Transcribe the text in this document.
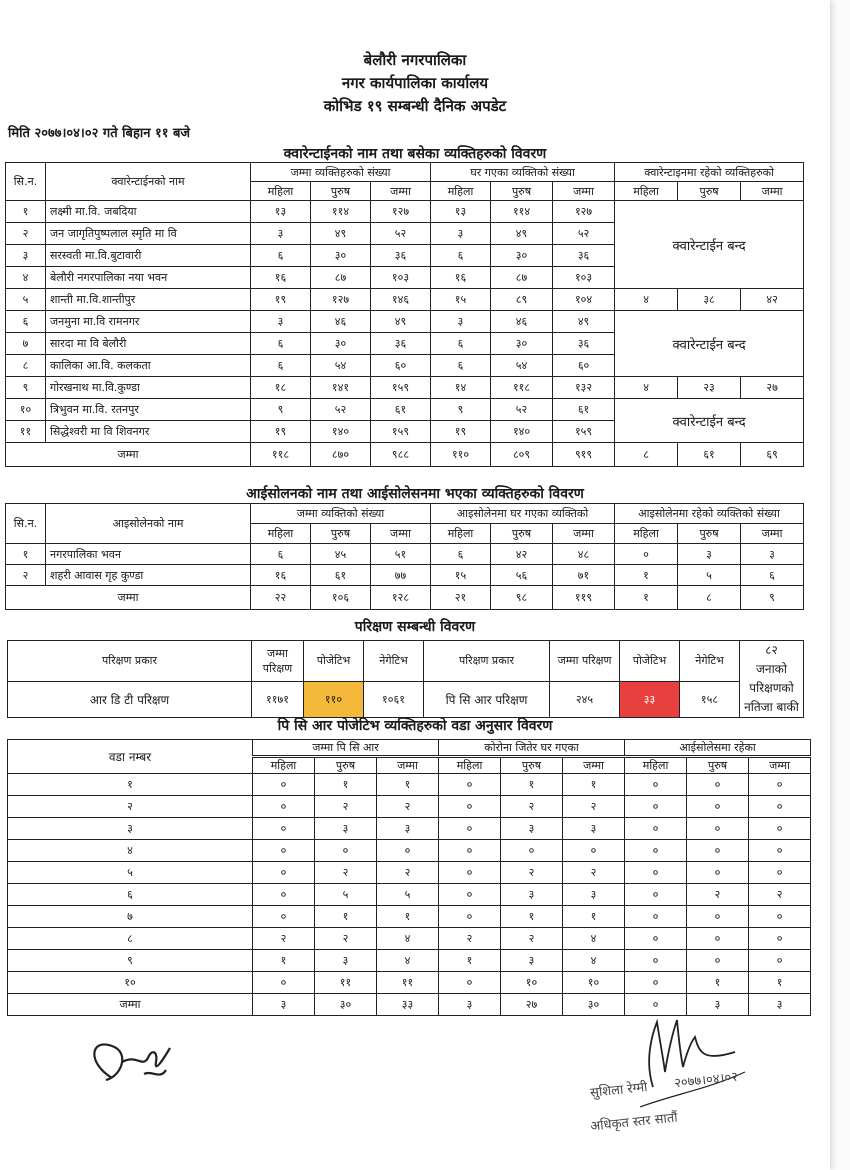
बेलौरी नगरपालिका
नगर कार्यपालिका कार्यालय
कोभिड १९ सम्बन्धी दैनिक अपडेट
मिति २०७७।०४।०२ गते बिहान ११ बजे
क्वारेन्टाईनको नाम तथा बसेका व्यक्तिहरुको विवरण
सि.न.	क्वारेन्टाईनको नाम	जम्मा व्यक्तिहरुको संख्या			घर गएका व्यक्तिको संख्या			क्वारेन्टाइनमा रहेको व्यक्तिहरुको		
		महिला	पुरुष	जम्मा	महिला	पुरुष	जम्मा	महिला	पुरुष	जम्मा
१	लक्ष्मी मा.वि. जबदिया	१३	११४	१२७	१३	११४	१२७	क्वारेन्टाईन बन्द		
२	जन जागृतिपुष्पलाल स्मृति मा वि	३	४९	५२	३	४९	५२			
३	सरस्वती मा.वि.बुटावारी	६	३०	३६	६	३०	३६			
४	बेलौरी नगरपालिका नया भवन	१६	८७	१०३	१६	८७	१०३			
५	शान्ती मा.वि.शान्तीपुर	१९	१२७	१४६	१५	८९	१०४	४	३८	४२
६	जनमुना मा.वि रामनगर	३	४६	४९	३	४६	४९	क्वारेन्टाईन बन्द		
७	सारदा मा वि बेलौरी	६	३०	३६	६	३०	३६			
८	कालिका आ.वि. कलकता	६	५४	६०	६	५४	६०			
९	गोरखनाथ मा.वि.कुण्डा	१८	१४१	१५९	१४	११८	१३२	४	२३	२७
१०	त्रिभुवन मा.वि. रतनपुर	९	५२	६१	९	५२	६१	क्वारेन्टाईन बन्द		
११	सिद्धेश्वरी मा वि शिवनगर	१९	१४०	१५९	१९	१४०	१५९			
जम्मा		११८	८७०	९८८	११०	८०९	९१९	८	६१	६९
आईसोलनको नाम तथा आईसोलेसनमा भएका व्यक्तिहरुको विवरण
सि.न.	आइसोलेनको नाम	जम्मा व्यक्तिको संख्या			आइसोलेनमा घर गएका व्यक्तिको			आइसोलेनमा रहेको व्यक्तिको संख्या		
		महिला	पुरुष	जम्मा	महिला	पुरुष	जम्मा	महिला	पुरुष	जम्मा
१	नगरपालिका भवन	६	४५	५१	६	४२	४८	०	३	३
२	शहरी आवास गृह कुण्डा	१६	६१	७७	१५	५६	७१	१	५	६
जम्मा		२२	१०६	१२८	२१	९८	११९	१	८	९
परिक्षण सम्बन्धी विवरण
परिक्षण प्रकार	जम्मा परिक्षण	पोजेटिभ	नेगेटिभ	परिक्षण प्रकार	जम्मा परिक्षण	पोजेटिभ	नेगेटिभ	८२
जनाको
परिक्षणको
नतिजा बाकी

आर डि टी परिक्षण	११७१	११०	१०६१	पि सि आर परिक्षण	२४५	३३	१५८	
पि सि आर पोजेटिभ व्यक्तिहरुको वडा अनुसार विवरण
वडा नम्बर	जम्मा पि सि आर			कोरोना जितेर घर गएका			आईसोलेसमा रहेका		
	महिला	पुरुष	जम्मा	महिला	पुरुष	जम्मा	महिला	पुरुष	जम्मा
१	०	१	१	०	१	१	०	०	०
२	०	२	२	०	२	२	०	०	०
३	०	३	३	०	३	३	०	०	०
४	०	०	०	०	०	०	०	०	०
५	०	२	२	०	२	२	०	०	०
६	०	५	५	०	३	३	०	२	२
७	०	१	१	०	१	१	०	०	०
८	२	२	४	२	२	४	०	०	०
९	१	३	४	१	३	४	०	०	०
१०	०	११	११	०	१०	१०	०	१	१
जम्मा	३	३०	३३	३	२७	३०	०	३	३
सुशिला रेग्मी २०७७।०४।०२
अधिकृत स्तर सातौं
